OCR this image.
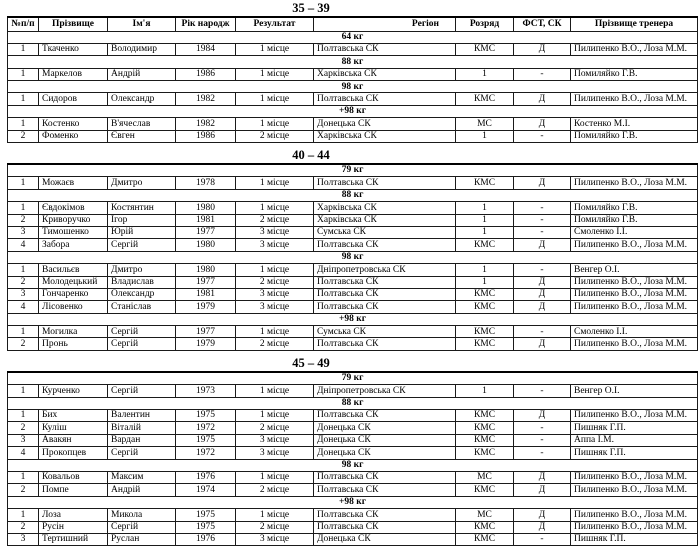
35 – 39
№п/п	Прізвище	Ім'я	Рік народж	Результат	Регіон	Розряд	ФСТ, СК	Прізвище тренера
64 кг								
1	Ткаченко	Володимир	1984	1 місце	Полтавська СК	КМС	Д	Пилипенко В.О., Лоза М.М.
88 кг								
1	Маркелов	Андрій	1986	1 місце	Харківська СК	1	-	Помиляйко Г.В.
98 кг								
1	Сидоров	Олександр	1982	1 місце	Полтавська СК	КМС	Д	Пилипенко В.О., Лоза М.М.
+98 кг								
1	Костенко	В'ячеслав	1982	1 місце	Донецька СК	МС	Д	Костенко М.І.
2	Фоменко	Євген	1986	2 місце	Харківська СК	1	-	Помиляйко Г.В.
40 – 44
79 кг								
1	Можаєв	Дмитро	1978	1 місце	Полтавська СК	КМС	Д	Пилипенко В.О., Лоза М.М.
88 кг								
1	Євдокімов	Костянтин	1980	1 місце	Харківська СК	1	-	Помиляйко Г.В.
2	Криворучко	Ігор	1981	2 місце	Харківська СК	1	-	Помиляйко Г.В.
3	Тимошенко	Юрій	1977	3 місце	Сумська СК	1	-	Смоленко І.І.
4	Забора	Сергій	1980	3 місце	Полтавська СК	КМС	Д	Пилипенко В.О., Лоза М.М.
98 кг								
1	Васильєв	Дмитро	1980	1 місце	Дніпропетровська СК	1	-	Венгер О.І.
2	Молодецький	Владислав	1977	2 місце	Полтавська СК	1	Д	Пилипенко В.О., Лоза М.М.
3	Гончаренко	Олександр	1981	3 місце	Полтавська СК	КМС	Д	Пилипенко В.О., Лоза М.М.
4	Лісовенко	Станіслав	1979	3 місце	Полтавська СК	КМС	Д	Пилипенко В.О., Лоза М.М.
+98 кг								
1	Могилка	Сергій	1977	1 місце	Сумська СК	КМС	-	Смоленко І.І.
2	Пронь	Сергій	1979	2 місце	Полтавська СК	КМС	Д	Пилипенко В.О., Лоза М.М.
45 – 49
79 кг								
1	Курченко	Сергій	1973	1 місце	Дніпропетровська СК	1	-	Венгер О.І.
88 кг								
1	Бих	Валентин	1975	1 місце	Полтавська СК	КМС	Д	Пилипенко В.О., Лоза М.М.
2	Куліш	Віталій	1972	2 місце	Донецька СК	КМС	-	Пишняк Г.П.
3	Авакян	Вардан	1975	3 місце	Донецька СК	КМС	-	Аппа І.М.
4	Прокопцев	Сергій	1972	3 місце	Донецька СК	КМС	-	Пишняк Г.П.
98 кг								
1	Ковальов	Максим	1976	1 місце	Полтавська СК	МС	Д	Пилипенко В.О., Лоза М.М.
2	Помпе	Андрій	1974	2 місце	Полтавська СК	КМС	Д	Пилипенко В.О., Лоза М.М.
+98 кг								
1	Лоза	Микола	1975	1 місце	Полтавська СК	МС	Д	Пилипенко В.О., Лоза М.М.
2	Русін	Сергій	1975	2 місце	Полтавська СК	КМС	Д	Пилипенко В.О., Лоза М.М.
3	Тертишний	Руслан	1976	3 місце	Донецька СК	КМС	-	Пишняк Г.П.
